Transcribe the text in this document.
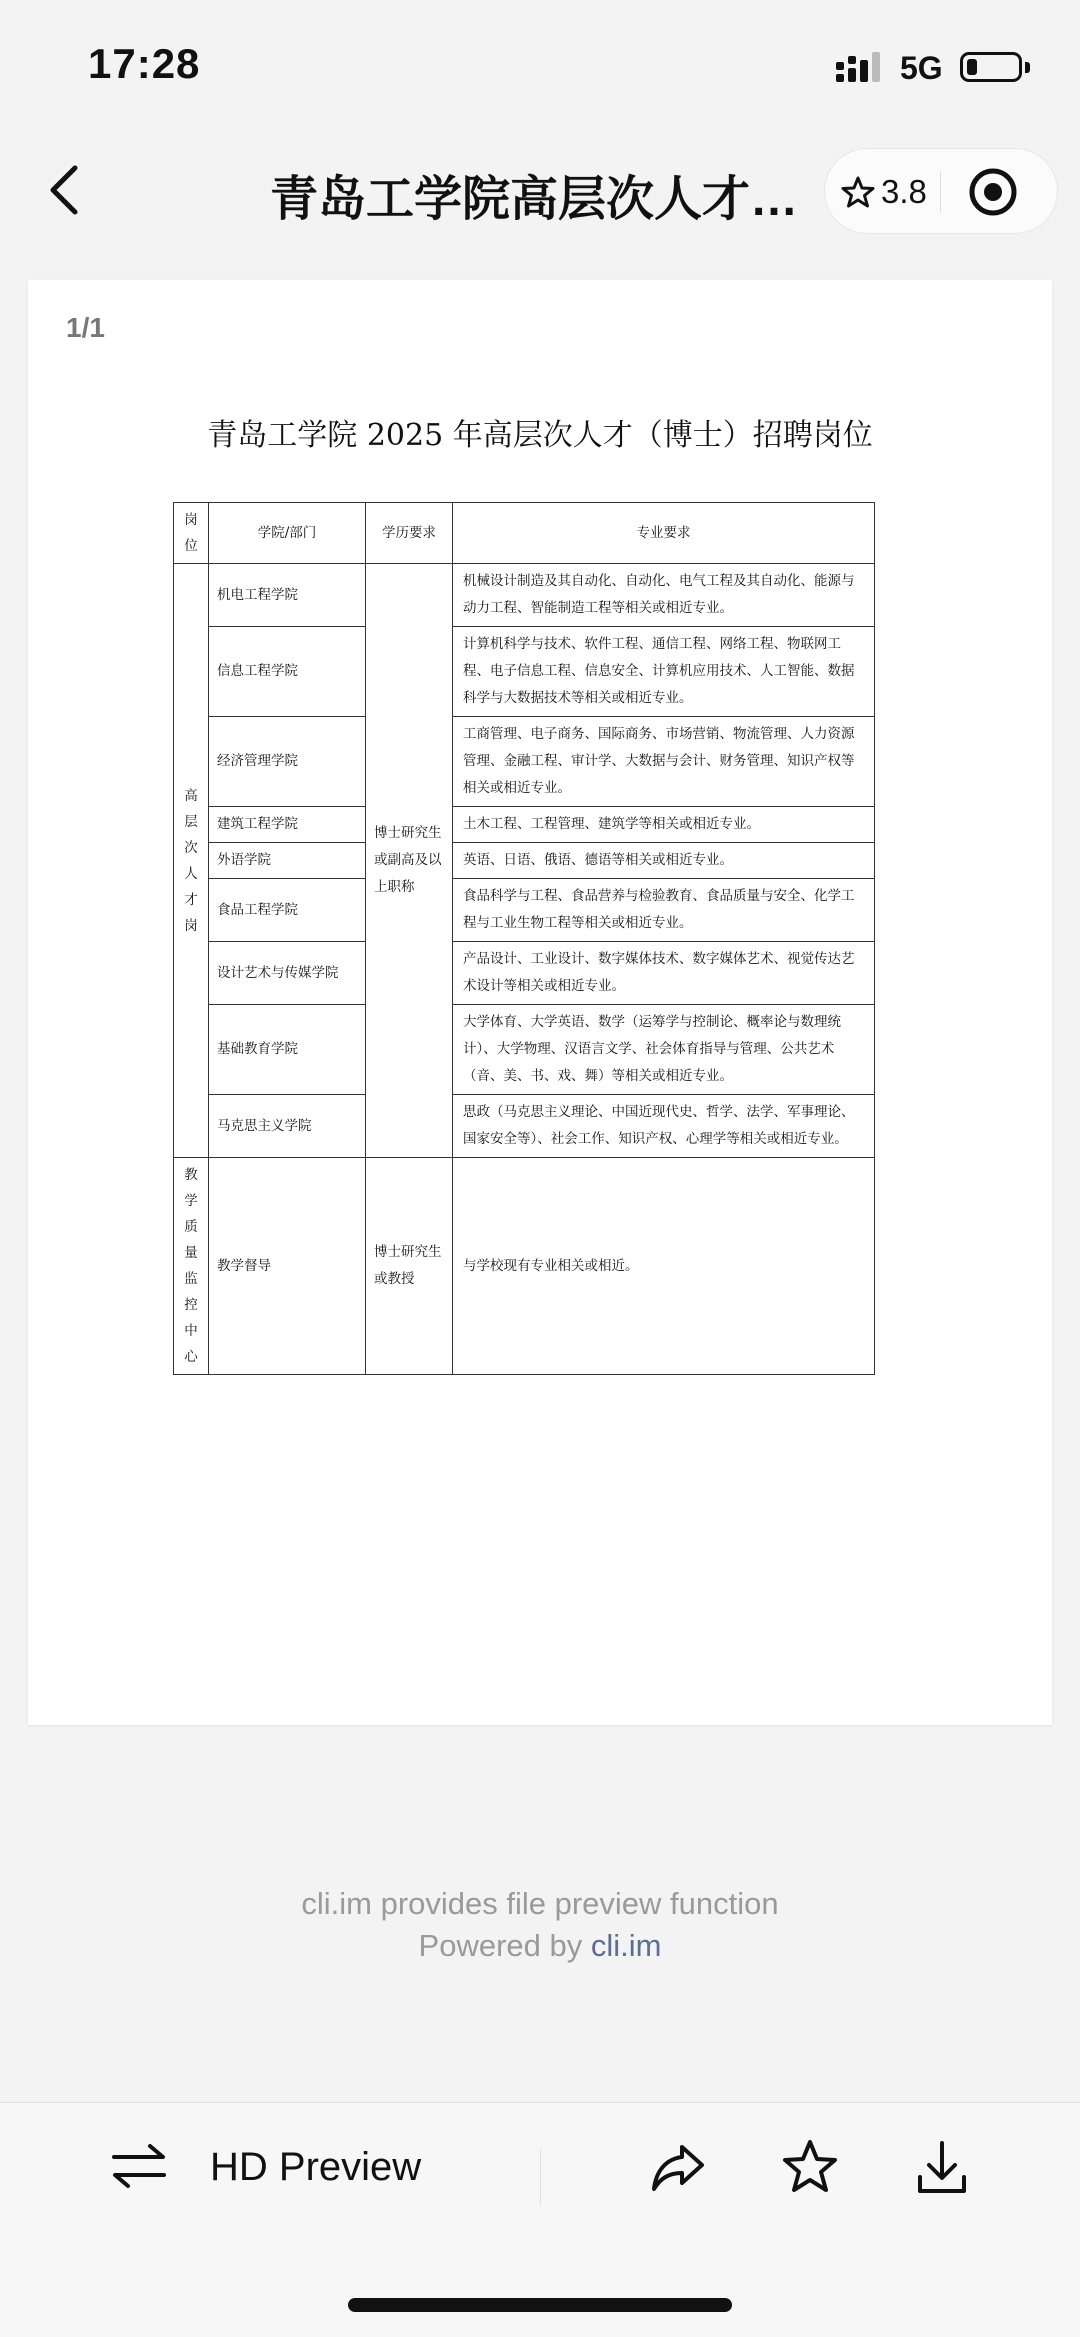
17:28	5G
青岛工学院高层次人才…	3.8
1/1
青岛工学院 2025 年高层次人才（博士）招聘岗位
岗位	学院/部门	学历要求	专业要求

高层次人才岗	机电工程学院	博士研究生或副高及以上职称	机械设计制造及其自动化、自动化、电气工程及其自动化、能源与动力工程、智能制造工程等相关或相近专业。
	信息工程学院		计算机科学与技术、软件工程、通信工程、网络工程、物联网工程、电子信息工程、信息安全、计算机应用技术、人工智能、数据科学与大数据技术等相关或相近专业。
	经济管理学院		工商管理、电子商务、国际商务、市场营销、物流管理、人力资源管理、金融工程、审计学、大数据与会计、财务管理、知识产权等相关或相近专业。
	建筑工程学院		土木工程、工程管理、建筑学等相关或相近专业。
	外语学院		英语、日语、俄语、德语等相关或相近专业。
	食品工程学院		食品科学与工程、食品营养与检验教育、食品质量与安全、化学工程与工业生物工程等相关或相近专业。
	设计艺术与传媒学院		产品设计、工业设计、数字媒体技术、数字媒体艺术、视觉传达艺术设计等相关或相近专业。
	基础教育学院		大学体育、大学英语、数学（运筹学与控制论、概率论与数理统计）、大学物理、汉语言文学、社会体育指导与管理、公共艺术（音、美、书、戏、舞）等相关或相近专业。
	马克思主义学院		思政（马克思主义理论、中国近现代史、哲学、法学、军事理论、国家安全等）、社会工作、知识产权、心理学等相关或相近专业。

教学质量监控中心	教学督导	博士研究生或教授	与学校现有专业相关或相近。
cli.im provides file preview function
Powered by cli.im
HD Preview
